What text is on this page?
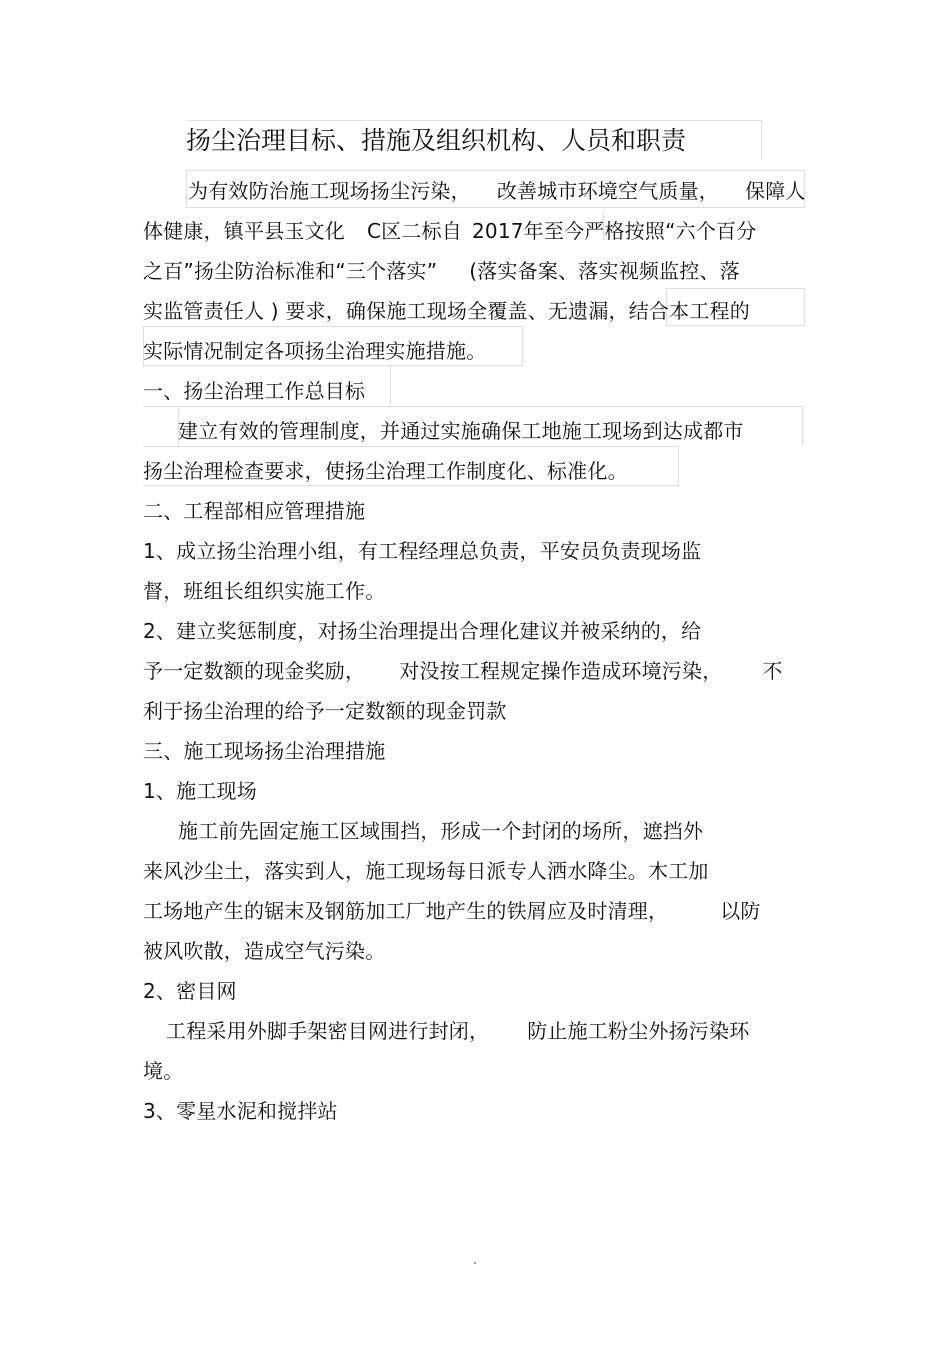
扬尘治理目标、措施及组织机构、人员和职责
为有效防治施工现场扬尘污染， 改善城市环境空气质量， 保障人
体健康，镇平县玉文化 C区二标自 2017年至今严格按照“六个百分
之百”扬尘防治标准和“三个落实” (落实备案、落实视频监控、落
实监管责任人 ) 要求，确保施工现场全覆盖、无遗漏，结合本工程的
实际情况制定各项扬尘治理实施措施。
一、扬尘治理工作总目标
建立有效的管理制度，并通过实施确保工地施工现场到达成都市
扬尘治理检查要求，使扬尘治理工作制度化、标准化。
二、工程部相应管理措施
1、成立扬尘治理小组，有工程经理总负责，平安员负责现场监
督，班组长组织实施工作。
2、建立奖惩制度，对扬尘治理提出合理化建议并被采纳的，给
予一定数额的现金奖励， 对没按工程规定操作造成环境污染， 不
利于扬尘治理的给予一定数额的现金罚款
三、施工现场扬尘治理措施
1、施工现场
施工前先固定施工区域围挡，形成一个封闭的场所，遮挡外
来风沙尘土，落实到人，施工现场每日派专人洒水降尘。木工加
工场地产生的锯末及钢筋加工厂地产生的铁屑应及时清理，	以防
被风吹散，造成空气污染。
2、密目网
工程采用外脚手架密目网进行封闭， 防止施工粉尘外扬污染环
境。
3、零星水泥和搅拌站
